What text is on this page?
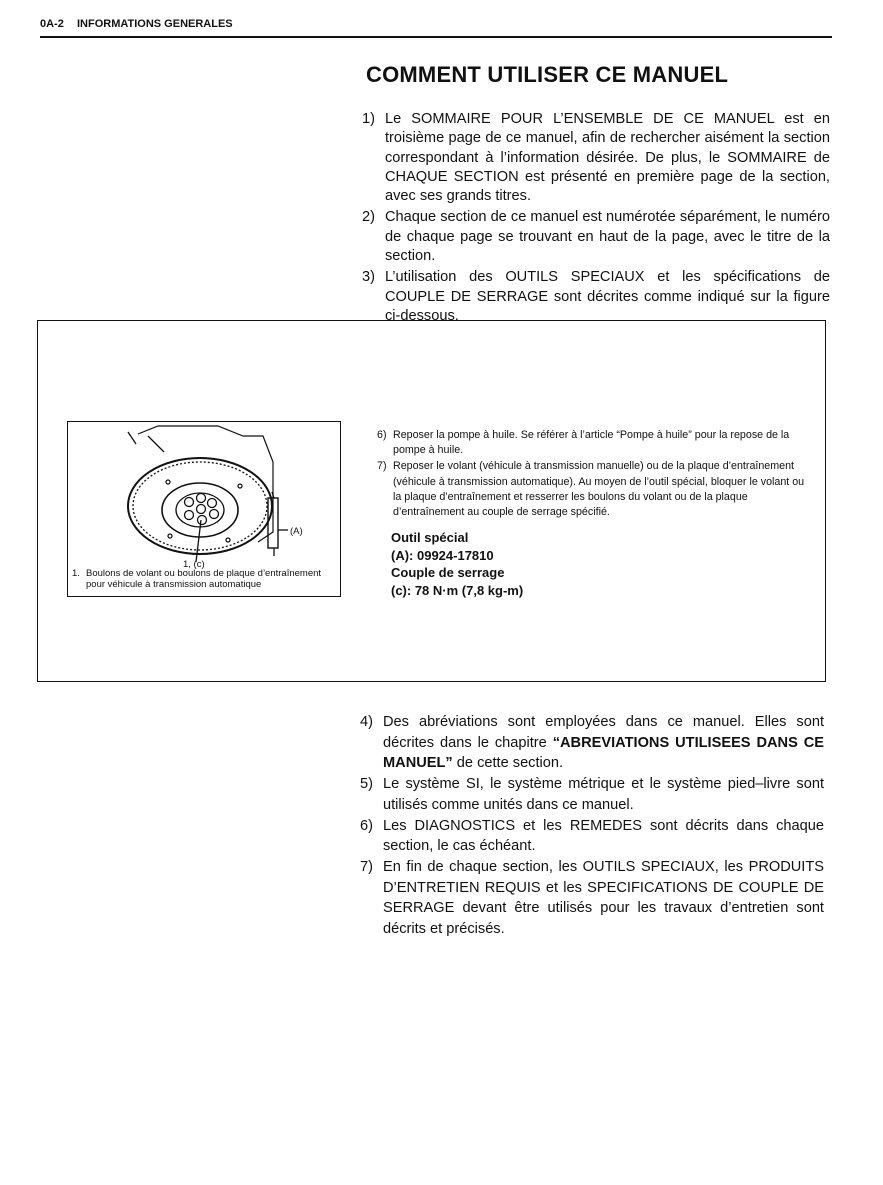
0A-2 INFORMATIONS GENERALES
COMMENT UTILISER CE MANUEL
1) Le SOMMAIRE POUR L’ENSEMBLE DE CE MANUEL est en troisième page de ce manuel, afin de rechercher aisément la section correspondant à l’information désirée. De plus, le SOMMAIRE de CHAQUE SECTION est présenté en première page de la section, avec ses grands titres.
2) Chaque section de ce manuel est numérotée séparément, le numéro de chaque page se trouvant en haut de la page, avec le titre de la section.
3) L’utilisation des OUTILS SPECIAUX et les spécifications de COUPLE DE SERRAGE sont décrites comme indiqué sur la figure ci-dessous.
1, (c)
(A)
1. Boulons de volant ou boulons de plaque d’entraînement pour véhicule à transmission automatique
6) Reposer la pompe à huile. Se référer à l’article “Pompe à huile” pour la repose de la pompe à huile.
7) Reposer le volant (véhicule à transmission manuelle) ou de la plaque d’entraînement (véhicule à transmission automatique). Au moyen de l’outil spécial, bloquer le volant ou la plaque d’entraînement et resserrer les boulons du volant ou de la plaque d’entraînement au couple de serrage spécifié.
Outil spécial
(A): 09924-17810
Couple de serrage
(c): 78 N·m (7,8 kg-m)
4) Des abréviations sont employées dans ce manuel. Elles sont décrites dans le chapitre “ABREVIATIONS UTILISEES DANS CE MANUEL” de cette section.
5) Le système SI, le système métrique et le système pied–livre sont utilisés comme unités dans ce manuel.
6) Les DIAGNOSTICS et les REMEDES sont décrits dans chaque section, le cas échéant.
7) En fin de chaque section, les OUTILS SPECIAUX, les PRODUITS D’ENTRETIEN REQUIS et les SPECIFICATIONS DE COUPLE DE SERRAGE devant être utilisés pour les travaux d’entretien sont décrits et précisés.
